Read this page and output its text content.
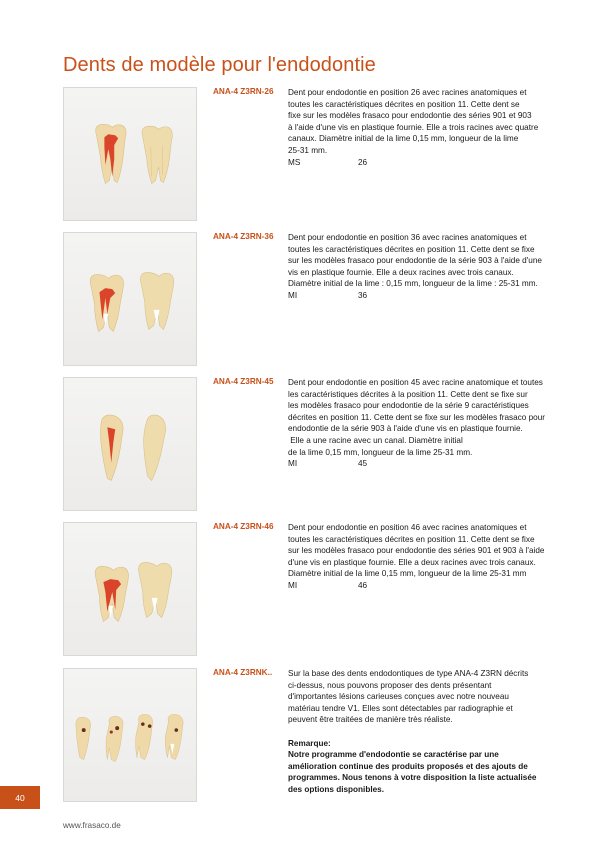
Dents de modèle pour l'endodontie
ANA-4 Z3RN-26 Dent pour endodontie en position 26 avec racines anatomiques et

toutes les caractéristiques décrites en position 11. Cette dent se

fixe sur les modèles frasaco pour endodontie des séries 901 et 903

à l'aide d'une vis en plastique fournie. Elle a trois racines avec quatre

canaux. Diamètre initial de la lime 0,15 mm, longueur de la lime

25-31 mm.

MS	26
ANA-4 Z3RN-36 Dent pour endodontie en position 36 avec racines anatomiques et

toutes les caractéristiques décrites en position 11. Cette dent se fixe

sur les modèles frasaco pour endodontie de la série 903 à l'aide d'une

vis en plastique fournie. Elle a deux racines avec trois canaux.

Diamètre initial de la lime : 0,15 mm, longueur de la lime : 25-31 mm.

MI	36
ANA-4 Z3RN-45 Dent pour endodontie en position 45 avec racine anatomique et toutes

les caractéristiques décrites à la position 11. Cette dent se fixe sur

les modèles frasaco pour endodontie de la série 9 caractéristiques

décrites en position 11. Cette dent se fixe sur les modèles frasaco pour

endodontie de la série 903 à l'aide d'une vis en plastique fournie.

Elle a une racine avec un canal. Diamètre initial

de la lime 0,15 mm, longueur de la lime 25-31 mm.

MI	45
ANA-4 Z3RN-46 Dent pour endodontie en position 46 avec racines anatomiques et

toutes les caractéristiques décrites en position 11. Cette dent se fixe

sur les modèles frasaco pour endodontie des séries 901 et 903 à l'aide

d'une vis en plastique fournie. Elle a deux racines avec trois canaux.

Diamètre initial de la lime 0,15 mm, longueur de la lime 25-31 mm

MI	46
ANA-4 Z3RNK.. Sur la base des dents endodontiques de type ANA-4 Z3RN décrits

ci-dessus, nous pouvons proposer des dents présentant

d'importantes lésions carieuses conçues avec notre nouveau

matériau tendre V1. Elles sont détectables par radiographie et

peuvent être traitées de manière très réaliste.

Remarque:

Notre programme d'endodontie se caractérise par une

amélioration continue des produits proposés et des ajouts de

programmes. Nous tenons à votre disposition la liste actualisée

des options disponibles.

40
www.frasaco.de
